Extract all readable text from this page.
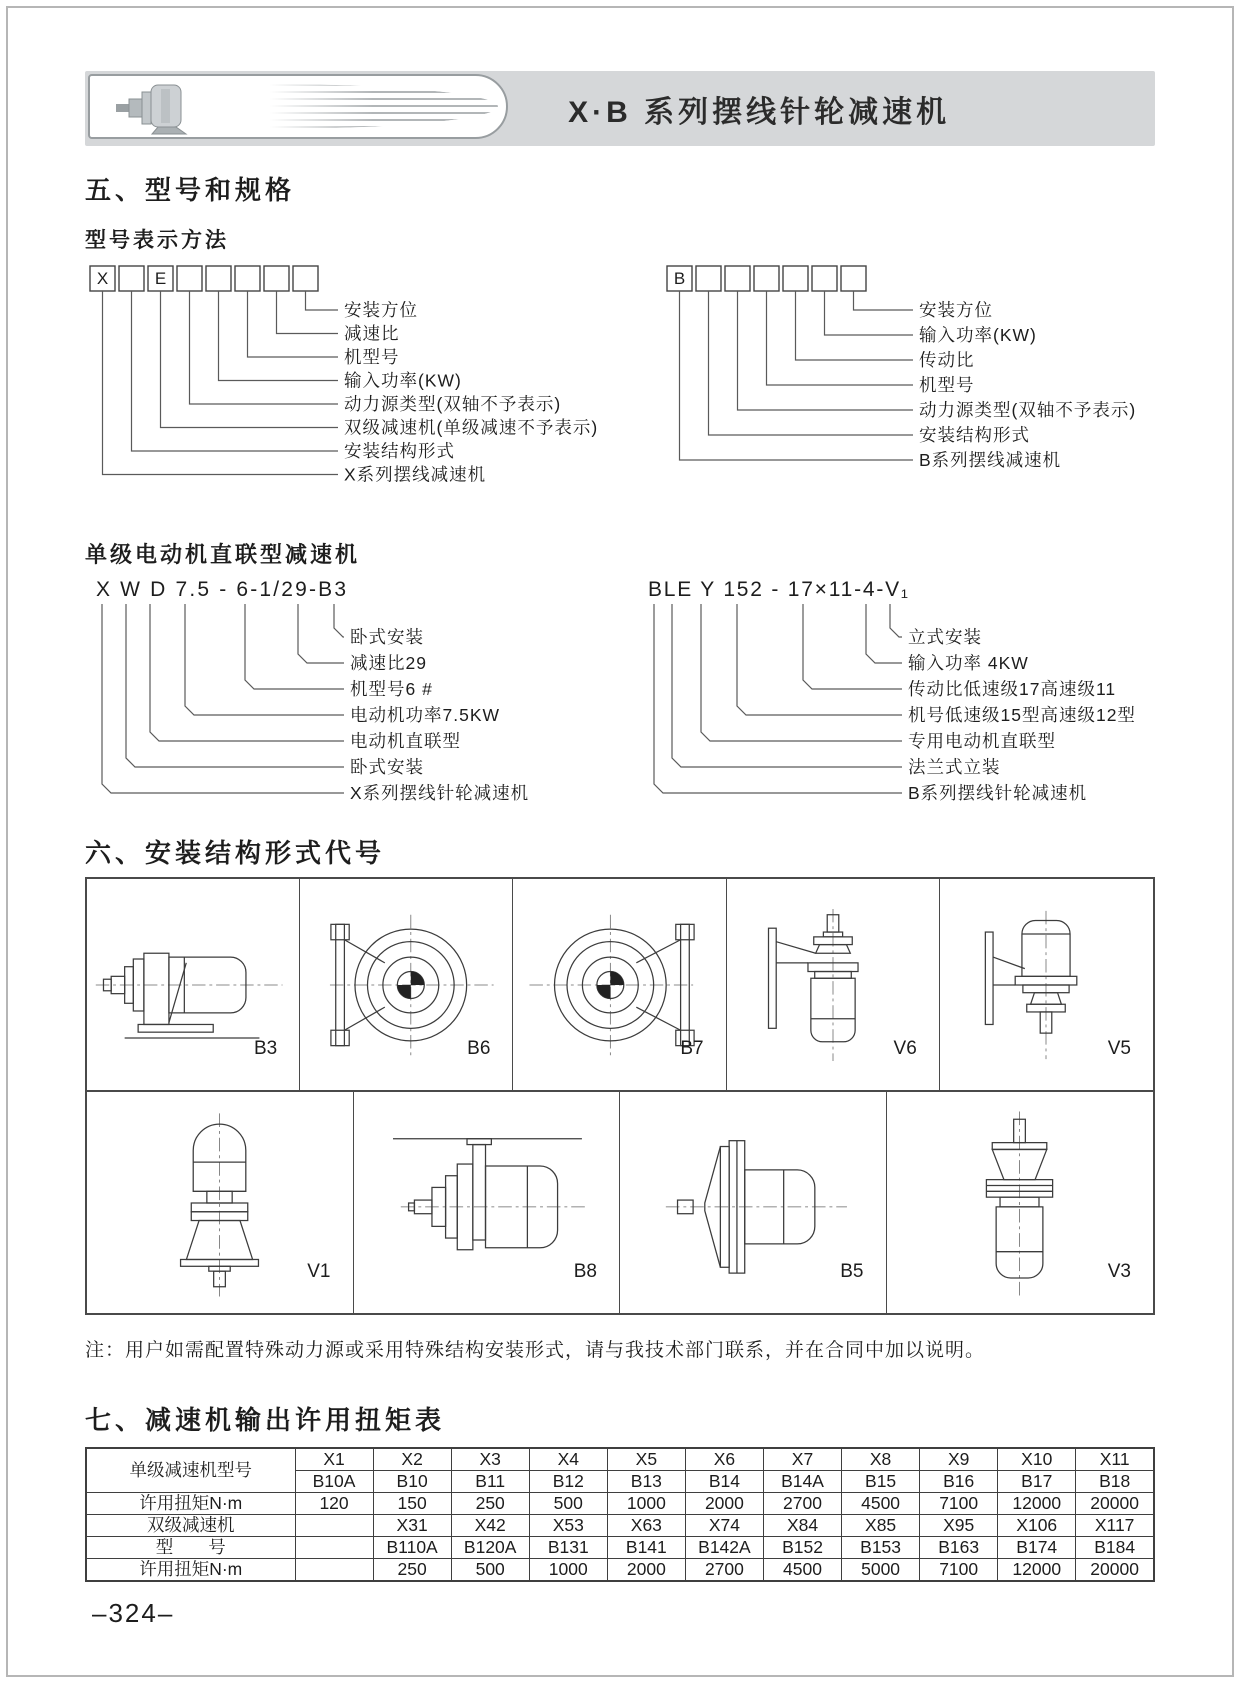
X·B 系列摆线针轮减速机
五、型号和规格
型号表示方法
X	E
安装方位
减速比
机型号
输入功率(KW)
动力源类型(双轴不予表示)
双级减速机(单级减速不予表示)
安装结构形式
X系列摆线减速机
B
安装方位
输入功率(KW)
传动比
机型号
动力源类型(双轴不予表示)
安装结构形式
B系列摆线减速机
单级电动机直联型减速机
X W D 7.5 - 6-1/29-B3
卧式安装
减速比29
机型号6 #
电动机功率7.5KW
电动机直联型
卧式安装
X系列摆线针轮减速机
BLE Y 152 - 17×11-4-V₁
立式安装
输入功率 4KW
传动比低速级17高速级11
机号低速级15型高速级12型
专用电动机直联型
法兰式立装
B系列摆线针轮减速机
六、安装结构形式代号
B3	B6	B7	V6	V5
V1	B8	B5	V3
注：用户如需配置特殊动力源或采用特殊结构安装形式，请与我技术部门联系，并在合同中加以说明。
七、减速机输出许用扭矩表
单级减速机型号	X1	X2	X3	X4	X5	X6	X7	X8	X9	X10	X11
	B10A	B10	B11	B12	B13	B14	B14A	B15	B16	B17	B18
许用扭矩N·m	120	150	250	500	1000	2000	2700	4500	7100	12000	20000
双级减速机		X31	X42	X53	X63	X74	X84	X85	X95	X106	X117
型　　号		B110A	B120A	B131	B141	B142A	B152	B153	B163	B174	B184
许用扭矩N·m		250	500	1000	2000	2700	4500	5000	7100	12000	20000
–324–
